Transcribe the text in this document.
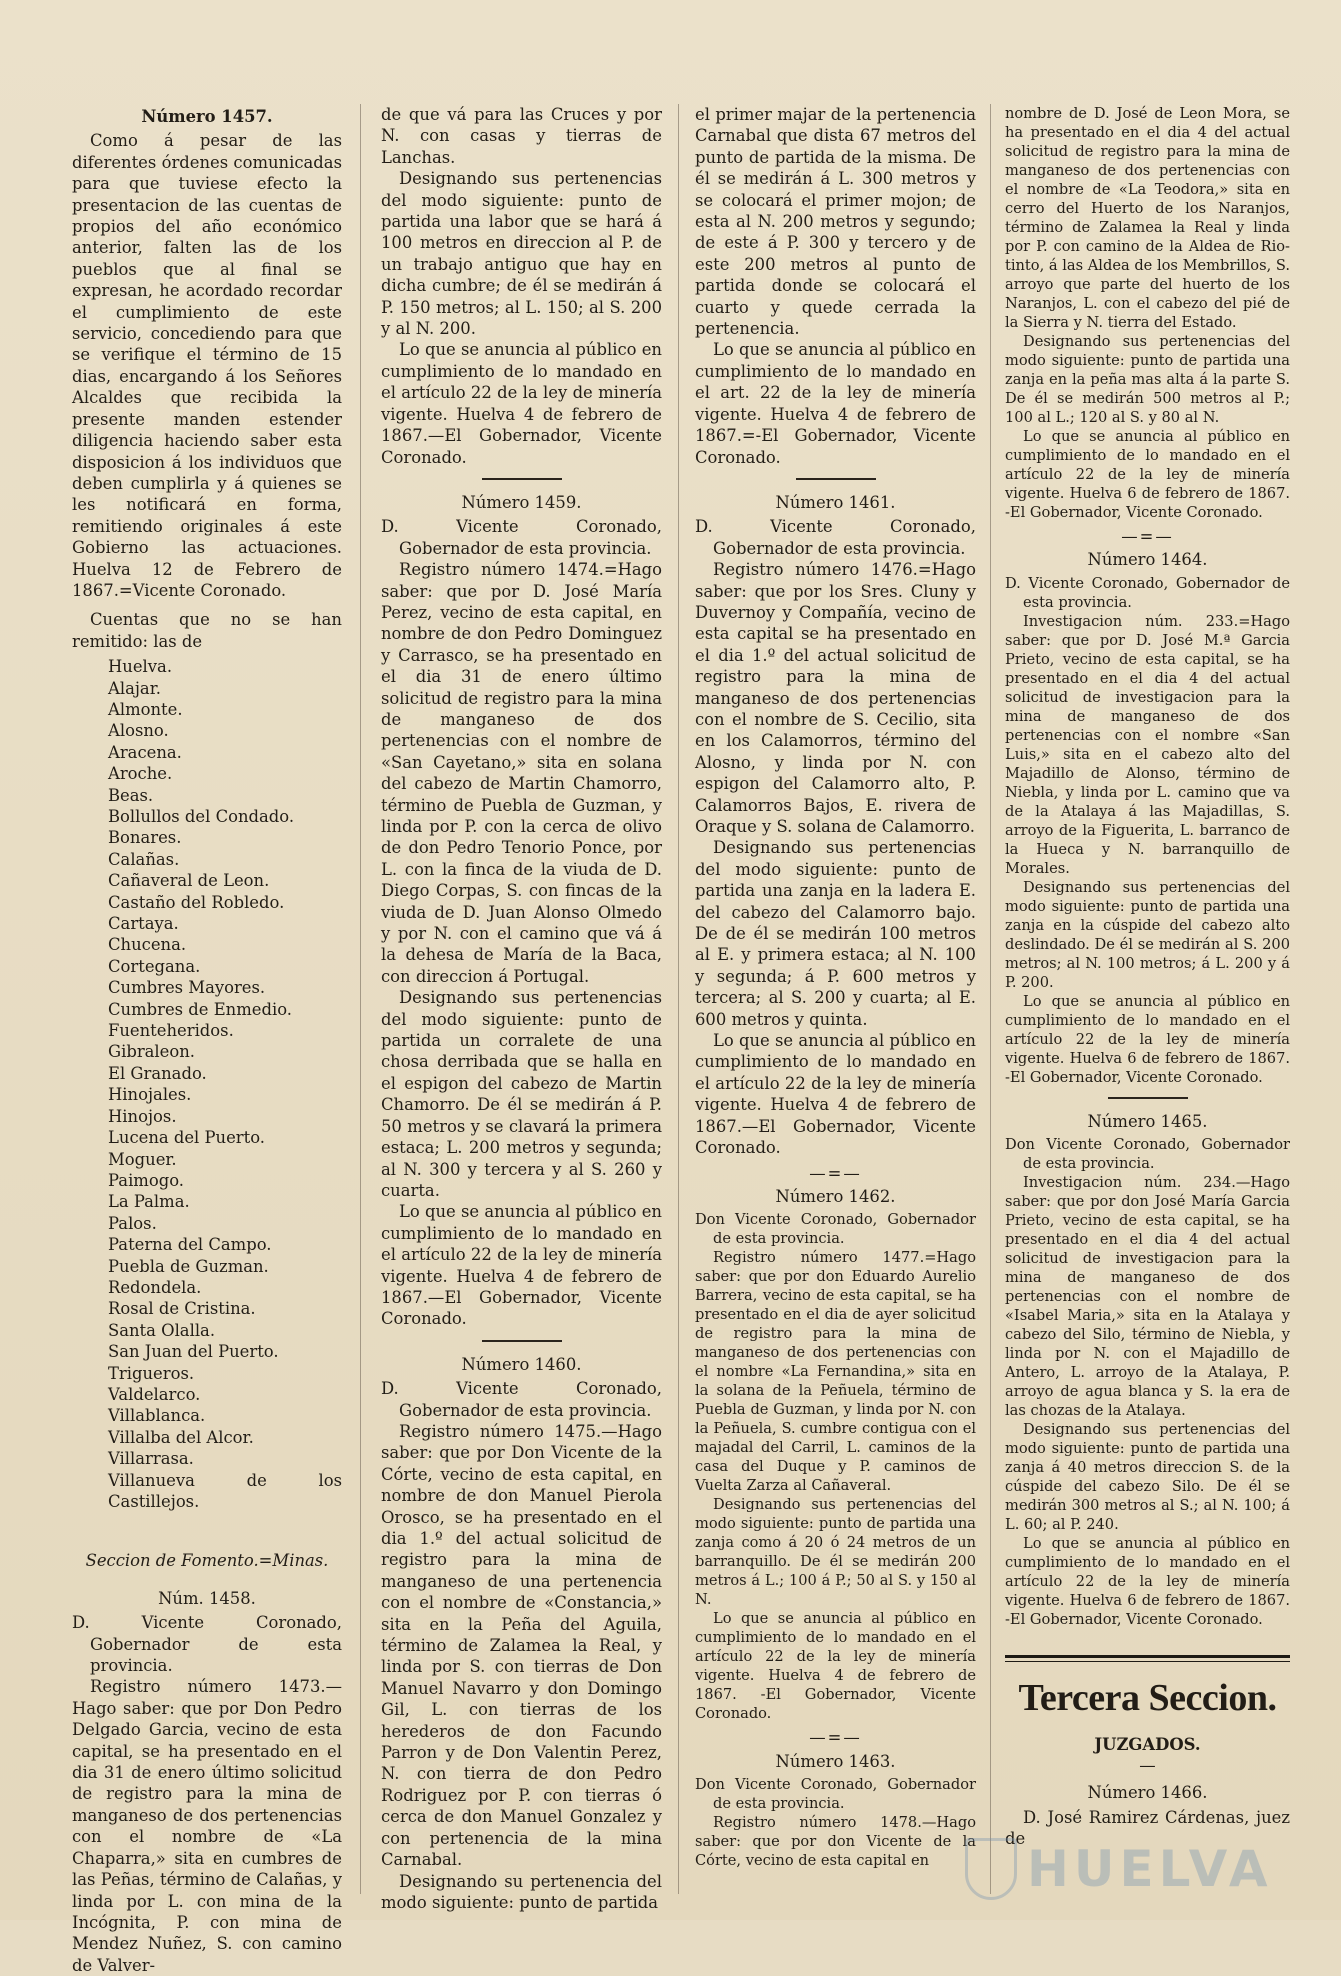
Número 1457.

Como á pesar de las diferentes órdenes comunicadas para que tuviese efecto la presentacion de las cuentas de propios del año económico anterior, falten las de los pueblos que al final se expresan, he acordado recordar el cumplimiento de este servicio, concediendo para que se verifique el término de 15 dias, encargando á los Señores Alcaldes que recibida la presente manden estender diligencia haciendo saber esta disposicion á los individuos que deben cumplirla y á quienes se les notificará en forma, remitiendo originales á este Gobierno las actuaciones. Huelva 12 de Febrero de 1867.=Vicente Coronado.

Cuentas que no se han remitido: las de

Huelva.
Alajar.
Almonte.
Alosno.
Aracena.
Aroche.
Beas.
Bollullos del Condado.
Bonares.
Calañas.
Cañaveral de Leon.
Castaño del Robledo.
Cartaya.
Chucena.
Cortegana.
Cumbres Mayores.
Cumbres de Enmedio.
Fuenteheridos.
Gibraleon.
El Granado.
Hinojales.
Hinojos.
Lucena del Puerto.
Moguer.
Paimogo.
La Palma.
Palos.
Paterna del Campo.
Puebla de Guzman.
Redondela.
Rosal de Cristina.
Santa Olalla.
San Juan del Puerto.
Trigueros.
Valdelarco.
Villablanca.
Villalba del Alcor.
Villarrasa.
Villanueva de los Castillejos.
Seccion de Fomento.=Minas.
Núm. 1458.

D. Vicente Coronado, Gobernador de esta provincia.

Registro número 1473.—Hago saber: que por Don Pedro Delgado Garcia, vecino de esta capital, se ha presentado en el dia 31 de enero último solicitud de registro para la mina de manganeso de dos pertenencias con el nombre de «La Chaparra,» sita en cumbres de las Peñas, término de Calañas, y linda por L. con mina de la Incógnita, P. con mina de Mendez Nuñez, S. con camino de Valver-

de que vá para las Cruces y por N. con casas y tierras de Lanchas.

Designando sus pertenencias del modo siguiente: punto de partida una labor que se hará á 100 metros en direccion al P. de un trabajo antiguo que hay en dicha cumbre; de él se medirán á P. 150 metros; al L. 150; al S. 200 y al N. 200.

Lo que se anuncia al público en cumplimiento de lo mandado en el artículo 22 de la ley de minería vigente. Huelva 4 de febrero de 1867.—El Gobernador, Vicente Coronado.

Número 1459.

D. Vicente Coronado, Gobernador de esta provincia.

Registro número 1474.=Hago saber: que por D. José María Perez, vecino de esta capital, en nombre de don Pedro Dominguez y Carrasco, se ha presentado en el dia 31 de enero último solicitud de registro para la mina de manganeso de dos pertenencias con el nombre de «San Cayetano,» sita en solana del cabezo de Martin Chamorro, término de Puebla de Guzman, y linda por P. con la cerca de olivo de don Pedro Tenorio Ponce, por L. con la finca de la viuda de D. Diego Corpas, S. con fincas de la viuda de D. Juan Alonso Olmedo y por N. con el camino que vá á la dehesa de María de la Baca, con direccion á Portugal.

Designando sus pertenencias del modo siguiente: punto de partida un corralete de una chosa derribada que se halla en el espigon del cabezo de Martin Chamorro. De él se medirán á P. 50 metros y se clavará la primera estaca; L. 200 metros y segunda; al N. 300 y tercera y al S. 260 y cuarta.

Lo que se anuncia al público en cumplimiento de lo mandado en el artículo 22 de la ley de minería vigente. Huelva 4 de febrero de 1867.—El Gobernador, Vicente Coronado.

Número 1460.

D. Vicente Coronado, Gobernador de esta provincia.

Registro número 1475.—Hago saber: que por Don Vicente de la Córte, vecino de esta capital, en nombre de don Manuel Pierola Orosco, se ha presentado en el dia 1.º del actual solicitud de registro para la mina de manganeso de una pertenencia con el nombre de «Constancia,» sita en la Peña del Aguila, término de Zalamea la Real, y linda por S. con tierras de Don Manuel Navarro y don Domingo Gil, L. con tierras de los herederos de don Facundo Parron y de Don Valentin Perez, N. con tierra de don Pedro Rodriguez por P. con tierras ó cerca de don Manuel Gonzalez y con pertenencia de la mina Carnabal.

Designando su pertenencia del modo siguiente: punto de partida

el primer majar de la pertenencia Carnabal que dista 67 metros del punto de partida de la misma. De él se medirán á L. 300 metros y se colocará el primer mojon; de esta al N. 200 metros y segundo; de este á P. 300 y tercero y de este 200 metros al punto de partida donde se colocará el cuarto y quede cerrada la pertenencia.

Lo que se anuncia al público en cumplimiento de lo mandado en el art. 22 de la ley de minería vigente. Huelva 4 de febrero de 1867.=-El Gobernador, Vicente Coronado.

Número 1461.

D. Vicente Coronado, Gobernador de esta provincia.

Registro número 1476.=Hago saber: que por los Sres. Cluny y Duvernoy y Compañía, vecino de esta capital se ha presentado en el dia 1.º del actual solicitud de registro para la mina de manganeso de dos pertenencias con el nombre de S. Cecilio, sita en los Calamorros, término del Alosno, y linda por N. con espigon del Calamorro alto, P. Calamorros Bajos, E. rivera de Oraque y S. solana de Calamorro.

Designando sus pertenencias del modo siguiente: punto de partida una zanja en la ladera E. del cabezo del Calamorro bajo. De de él se medirán 100 metros al E. y primera estaca; al N. 100 y segunda; á P. 600 metros y tercera; al S. 200 y cuarta; al E. 600 metros y quinta.

Lo que se anuncia al público en cumplimiento de lo mandado en el artículo 22 de la ley de minería vigente. Huelva 4 de febrero de 1867.—El Gobernador, Vicente Coronado.

—=—
Número 1462.

Don Vicente Coronado, Gobernador de esta provincia.

Registro número 1477.=Hago saber: que por don Eduardo Aurelio Barrera, vecino de esta capital, se ha presentado en el dia de ayer solicitud de registro para la mina de manganeso de dos pertenencias con el nombre «La Fernandina,» sita en la solana de la Peñuela, término de Puebla de Guzman, y linda por N. con la Peñuela, S. cumbre contigua con el majadal del Carril, L. caminos de la casa del Duque y P. caminos de Vuelta Zarza al Cañaveral.

Designando sus pertenencias del modo siguiente: punto de partida una zanja como á 20 ó 24 metros de un barranquillo. De él se medirán 200 metros á L.; 100 á P.; 50 al S. y 150 al N.

Lo que se anuncia al público en cumplimiento de lo mandado en el artículo 22 de la ley de minería vigente. Huelva 4 de febrero de 1867. -El Gobernador, Vicente Coronado.

—=—
Número 1463.

Don Vicente Coronado, Gobernador de esta provincia.

Registro número 1478.—Hago saber: que por don Vicente de la Córte, vecino de esta capital en

nombre de D. José de Leon Mora, se ha presentado en el dia 4 del actual solicitud de registro para la mina de manganeso de dos pertenencias con el nombre de «La Teodora,» sita en cerro del Huerto de los Naranjos, término de Zalamea la Real y linda por P. con camino de la Aldea de Rio-tinto, á las Aldea de los Membrillos, S. arroyo que parte del huerto de los Naranjos, L. con el cabezo del pié de la Sierra y N. tierra del Estado.

Designando sus pertenencias del modo siguiente: punto de partida una zanja en la peña mas alta á la parte S. De él se medirán 500 metros al P.; 100 al L.; 120 al S. y 80 al N.

Lo que se anuncia al público en cumplimiento de lo mandado en el artículo 22 de la ley de minería vigente. Huelva 6 de febrero de 1867. -El Gobernador, Vicente Coronado.

—=—
Número 1464.

D. Vicente Coronado, Gobernador de esta provincia.

Investigacion núm. 233.=Hago saber: que por D. José M.ª Garcia Prieto, vecino de esta capital, se ha presentado en el dia 4 del actual solicitud de investigacion para la mina de manganeso de dos pertenencias con el nombre «San Luis,» sita en el cabezo alto del Majadillo de Alonso, término de Niebla, y linda por L. camino que va de la Atalaya á las Majadillas, S. arroyo de la Figuerita, L. barranco de la Hueca y N. barranquillo de Morales.

Designando sus pertenencias del modo siguiente: punto de partida una zanja en la cúspide del cabezo alto deslindado. De él se medirán al S. 200 metros; al N. 100 metros; á L. 200 y á P. 200.

Lo que se anuncia al público en cumplimiento de lo mandado en el artículo 22 de la ley de minería vigente. Huelva 6 de febrero de 1867. -El Gobernador, Vicente Coronado.

Número 1465.

Don Vicente Coronado, Gobernador de esta provincia.

Investigacion núm. 234.—Hago saber: que por don José María Garcia Prieto, vecino de esta capital, se ha presentado en el dia 4 del actual solicitud de investigacion para la mina de manganeso de dos pertenencias con el nombre de «Isabel Maria,» sita en la Atalaya y cabezo del Silo, término de Niebla, y linda por N. con el Majadillo de Antero, L. arroyo de la Atalaya, P. arroyo de agua blanca y S. la era de las chozas de la Atalaya.

Designando sus pertenencias del modo siguiente: punto de partida una zanja á 40 metros direccion S. de la cúspide del cabezo Silo. De él se medirán 300 metros al S.; al N. 100; á L. 60; al P. 240.

Lo que se anuncia al público en cumplimiento de lo mandado en el artículo 22 de la ley de minería vigente. Huelva 6 de febrero de 1867. -El Gobernador, Vicente Coronado.

Tercera Seccion.
JUZGADOS.
—
Número 1466.

D. José Ramirez Cárdenas, juez de

HUELVA
